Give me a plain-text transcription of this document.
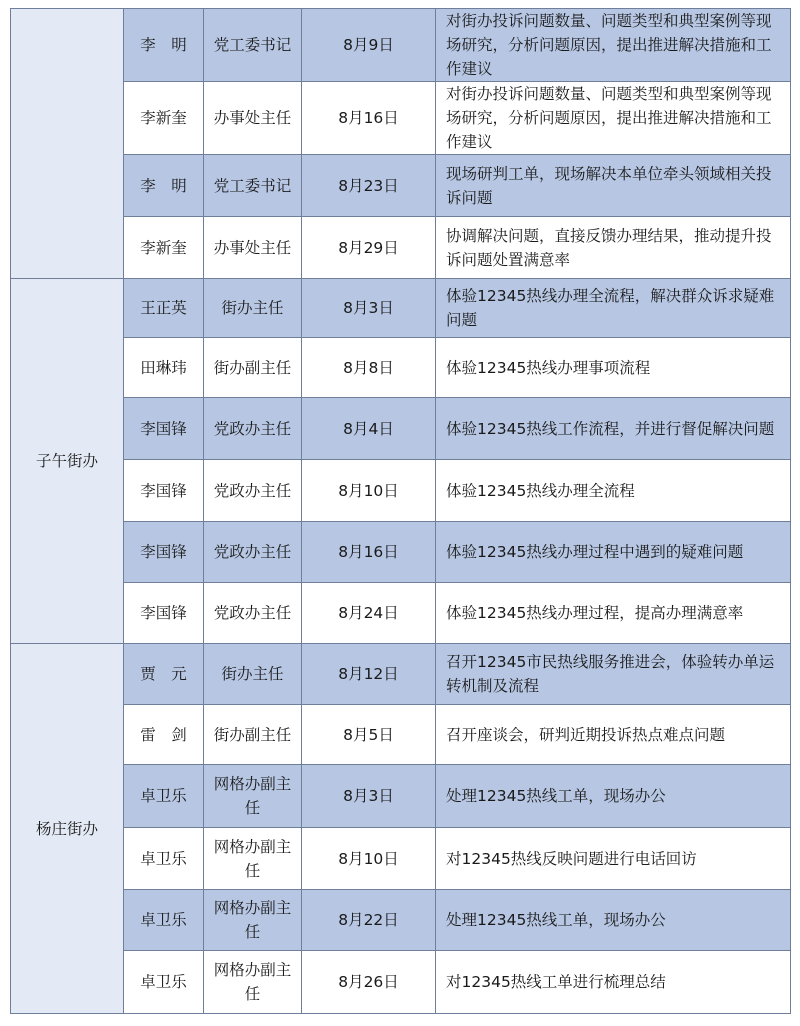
	李　明	党工委书记	8月9日	对街办投诉问题数量、问题类型和典型案例等现场研究，分析问题原因，提出推进解决措施和工作建议
	李新奎	办事处主任	8月16日	对街办投诉问题数量、问题类型和典型案例等现场研究，分析问题原因，提出推进解决措施和工作建议
	李　明	党工委书记	8月23日	现场研判工单，现场解决本单位牵头领域相关投诉问题
	李新奎	办事处主任	8月29日	协调解决问题，直接反馈办理结果，推动提升投诉问题处置满意率
子午街办	王正英	街办主任	8月3日	体验12345热线办理全流程，解决群众诉求疑难问题
	田琳玮	街办副主任	8月8日	体验12345热线办理事项流程
	李国锋	党政办主任	8月4日	体验12345热线工作流程，并进行督促解决问题
	李国锋	党政办主任	8月10日	体验12345热线办理全流程
	李国锋	党政办主任	8月16日	体验12345热线办理过程中遇到的疑难问题
	李国锋	党政办主任	8月24日	体验12345热线办理过程，提高办理满意率
杨庄街办	贾　元	街办主任	8月12日	召开12345市民热线服务推进会，体验转办单运转机制及流程
	雷　剑	街办副主任	8月5日	召开座谈会，研判近期投诉热点难点问题
	卓卫乐	网格办副主任	8月3日	处理12345热线工单，现场办公
	卓卫乐	网格办副主任	8月10日	对12345热线反映问题进行电话回访
	卓卫乐	网格办副主任	8月22日	处理12345热线工单，现场办公
	卓卫乐	网格办副主任	8月26日	对12345热线工单进行梳理总结
